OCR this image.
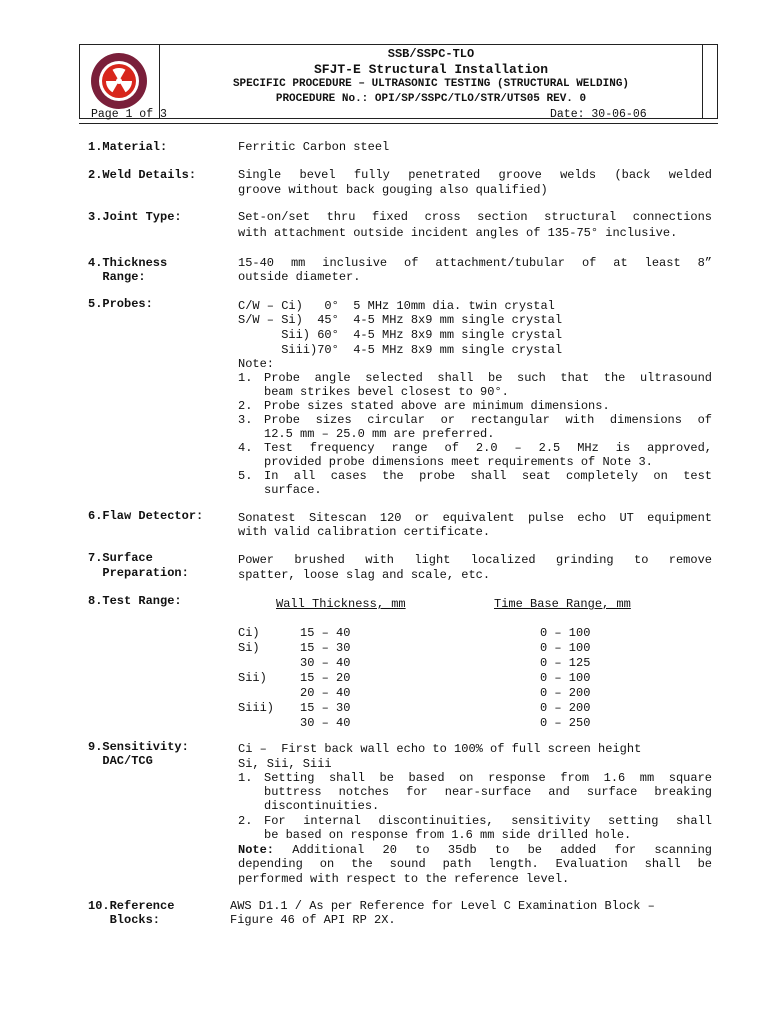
SSB/SSPC-TLO
SFJT-E Structural Installation
SPECIFIC PROCEDURE – ULTRASONIC TESTING (STRUCTURAL WELDING)
PROCEDURE No.: OPI/SP/SSPC/TLO/STR/UTS05 REV. 0
Page 1 of 3	Date: 30-06-06
1.Material:	Ferritic Carbon steel
2.Weld Details:	Single bevel fully penetrated groove welds (back welded
groove without back gouging also qualified)
3.Joint Type:	Set-on/set thru fixed cross section structural connections
with attachment outside incident angles of 135-75° inclusive.
4.Thickness
Range:
15-40 mm inclusive of attachment/tubular of at least 8”
outside diameter.
5.Probes:	C/W – Ci)   0°  5 MHz 10mm dia. twin crystal
S/W – Si)  45°  4-5 MHz 8x9 mm single crystal
Sii) 60°  4-5 MHz 8x9 mm single crystal
Siii)70°  4-5 MHz 8x9 mm single crystal
Note:
1. Probe angle selected shall be such that the ultrasound
beam strikes bevel closest to 90°.
2. Probe sizes stated above are minimum dimensions.
3. Probe sizes circular or rectangular with dimensions of
12.5 mm – 25.0 mm are preferred.
4. Test frequency range of 2.0 – 2.5 MHz is approved,
provided probe dimensions meet requirements of Note 3.
5. In all cases the probe shall seat completely on test
surface.
6.Flaw Detector:	Sonatest Sitescan 120 or equivalent pulse echo UT equipment
with valid calibration certificate.
7.Surface
Preparation:
Power brushed with light localized grinding to remove
spatter, loose slag and scale, etc.
8.Test Range:	Wall Thickness, mm	Time Base Range, mm
Ci)	15 – 40	0 – 100
Si)	15 – 30	0 – 100
30 – 40	0 – 125
Sii)	15 – 20	0 – 100
20 – 40	0 – 200
Siii) 15 – 30	0 – 200
30 – 40	0 – 250
9.Sensitivity:
DAC/TCG
Ci –  First back wall echo to 100% of full screen height
Si, Sii, Siii
1. Setting shall be based on response from 1.6 mm square
buttress notches for near-surface and surface breaking
discontinuities.
2. For internal discontinuities, sensitivity setting shall
be based on response from 1.6 mm side drilled hole.
Note: Additional 20 to 35db to be added for scanning
depending on the sound path length. Evaluation shall be
performed with respect to the reference level.
10.Reference
Blocks:
AWS D1.1 / As per Reference for Level C Examination Block –
Figure 46 of API RP 2X.
